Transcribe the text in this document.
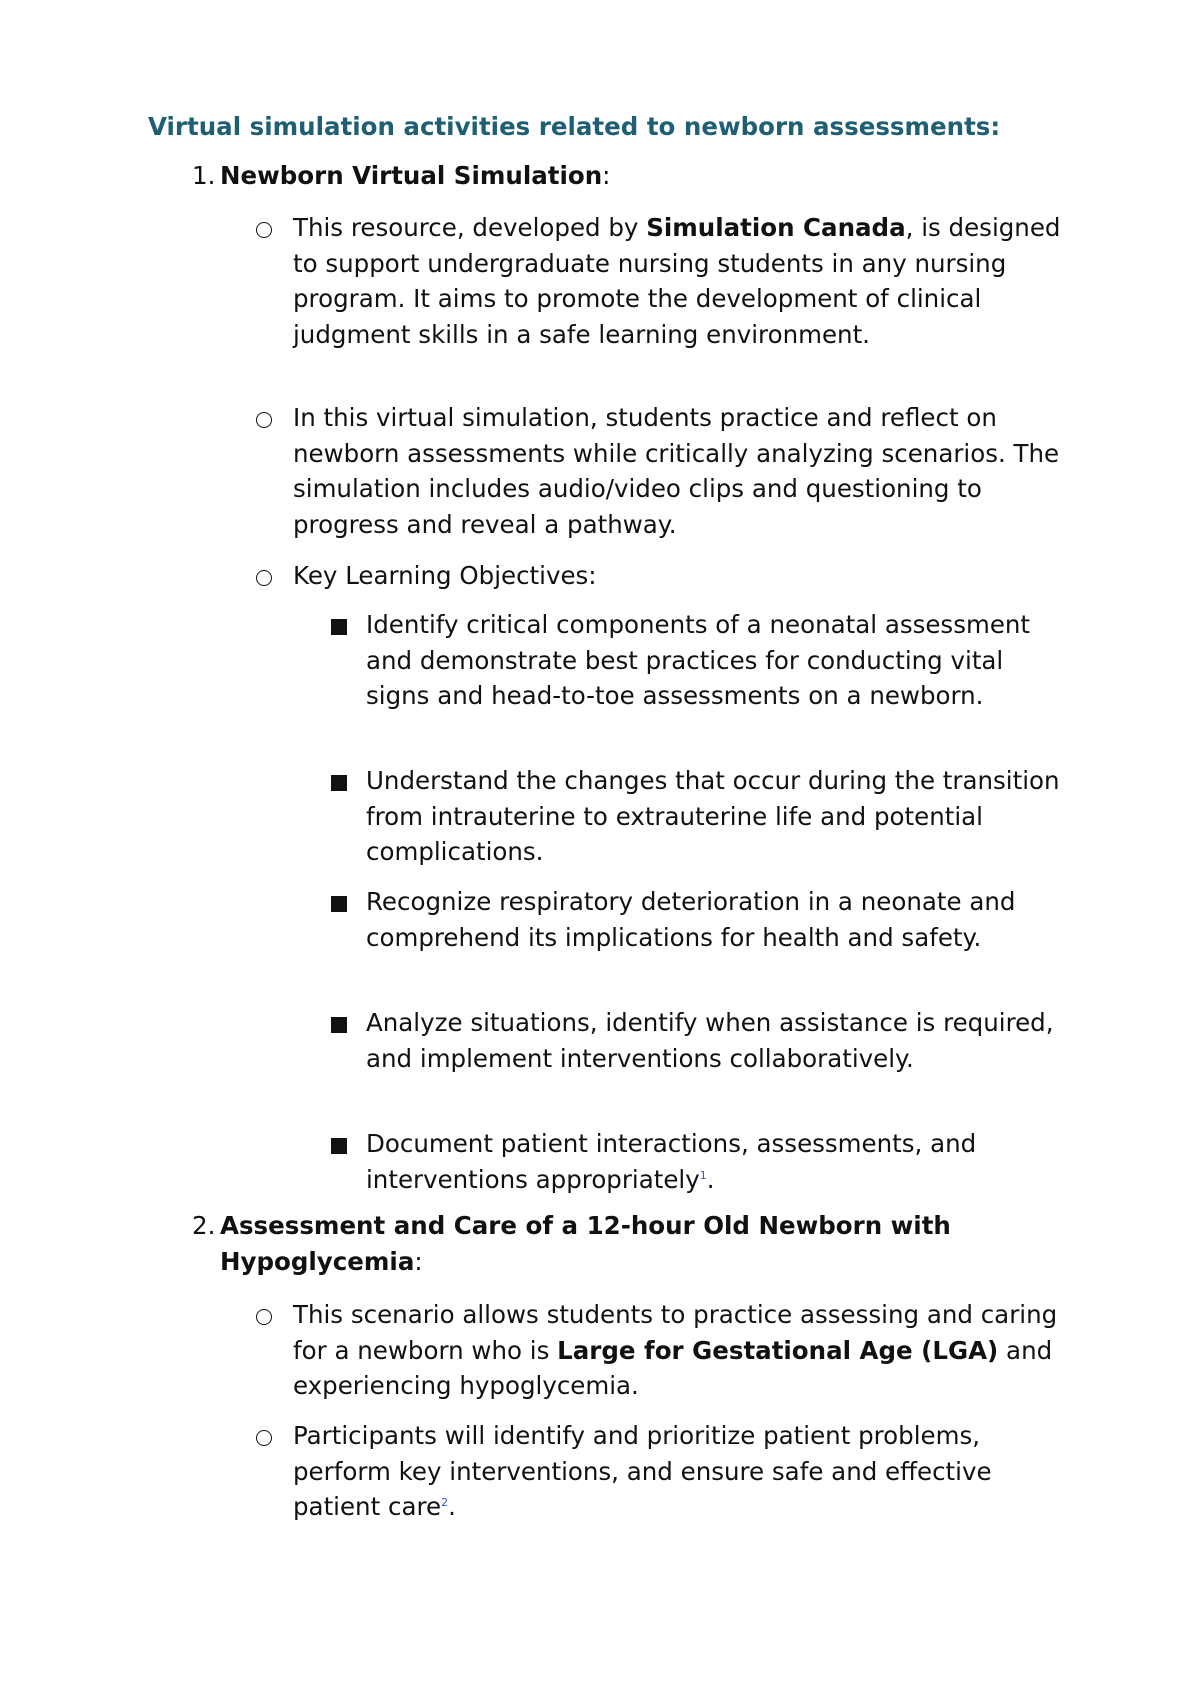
Virtual simulation activities related to newborn assessments:
1. Newborn Virtual Simulation:
This resource, developed by Simulation Canada, is designed to support undergraduate nursing students in any nursing program. It aims to promote the development of clinical judgment skills in a safe learning environment.
In this virtual simulation, students practice and reflect on newborn assessments while critically analyzing scenarios. The simulation includes audio/video clips and questioning to progress and reveal a pathway.
Key Learning Objectives:
Identify critical components of a neonatal assessment and demonstrate best practices for conducting vital signs and head-to-toe assessments on a newborn.
Understand the changes that occur during the transition from intrauterine to extrauterine life and potential complications.
Recognize respiratory deterioration in a neonate and comprehend its implications for health and safety.
Analyze situations, identify when assistance is required, and implement interventions collaboratively.
Document patient interactions, assessments, and interventions appropriately$^1$.
2. Assessment and Care of a 12-hour Old Newborn with Hypoglycemia:
This scenario allows students to practice assessing and caring for a newborn who is Large for Gestational Age (LGA) and experiencing hypoglycemia.
Participants will identify and prioritize patient problems, perform key interventions, and ensure safe and effective patient care$^2$.
